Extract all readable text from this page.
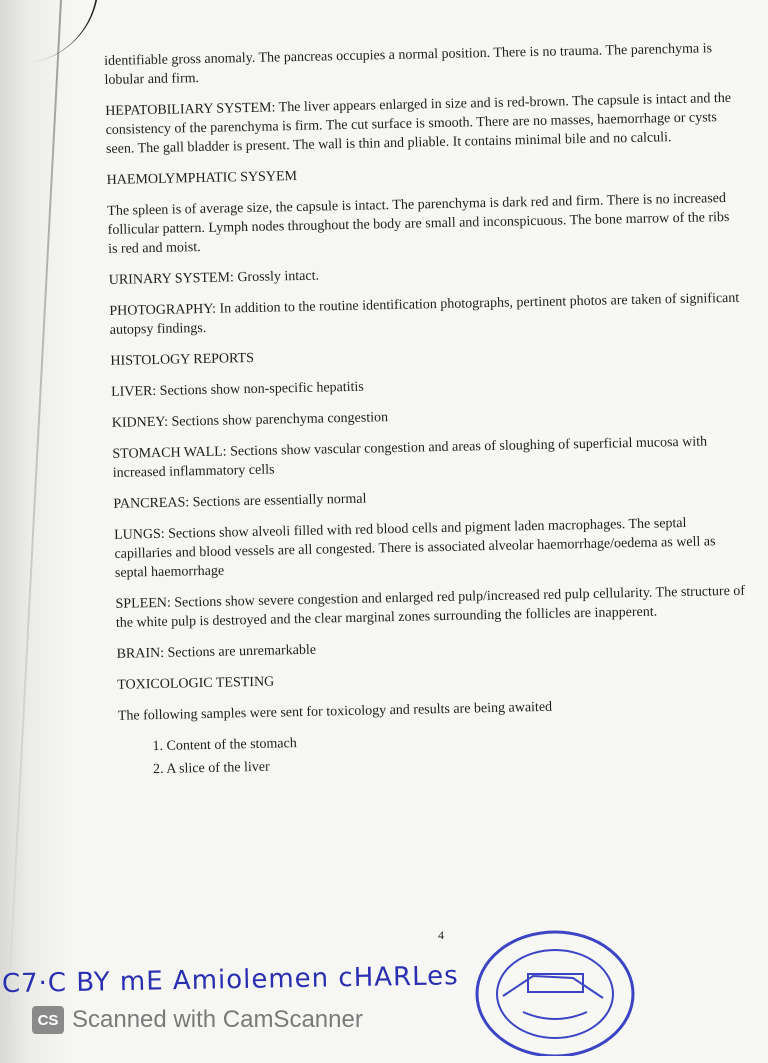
identifiable gross anomaly. The pancreas occupies a normal position. There is no trauma. The parenchyma is lobular and firm.

HEPATOBILIARY SYSTEM: The liver appears enlarged in size and is red-brown. The capsule is intact and the consistency of the parenchyma is firm. The cut surface is smooth. There are no masses, haemorrhage or cysts seen. The gall bladder is present. The wall is thin and pliable. It contains minimal bile and no calculi.

HAEMOLYMPHATIC SYSYEM

The spleen is of average size, the capsule is intact. The parenchyma is dark red and firm. There is no increased follicular pattern. Lymph nodes throughout the body are small and inconspicuous. The bone marrow of the ribs is red and moist.

URINARY SYSTEM: Grossly intact.

PHOTOGRAPHY: In addition to the routine identification photographs, pertinent photos are taken of significant autopsy findings.

HISTOLOGY REPORTS

LIVER: Sections show non-specific hepatitis

KIDNEY: Sections show parenchyma congestion

STOMACH WALL: Sections show vascular congestion and areas of sloughing of superficial mucosa with increased inflammatory cells

PANCREAS: Sections are essentially normal

LUNGS: Sections show alveoli filled with red blood cells and pigment laden macrophages. The septal capillaries and blood vessels are all congested. There is associated alveolar haemorrhage/oedema as well as septal haemorrhage

SPLEEN: Sections show severe congestion and enlarged red pulp/increased red pulp cellularity. The structure of the white pulp is destroyed and the clear marginal zones surrounding the follicles are inapperent.

BRAIN: Sections are unremarkable

TOXICOLOGIC TESTING

The following samples were sent for toxicology and results are being awaited

1. Content of the stomach
2. A slice of the liver
4
C7·C BY mE Amiolemen cHARLes
CS Scanned with CamScanner
